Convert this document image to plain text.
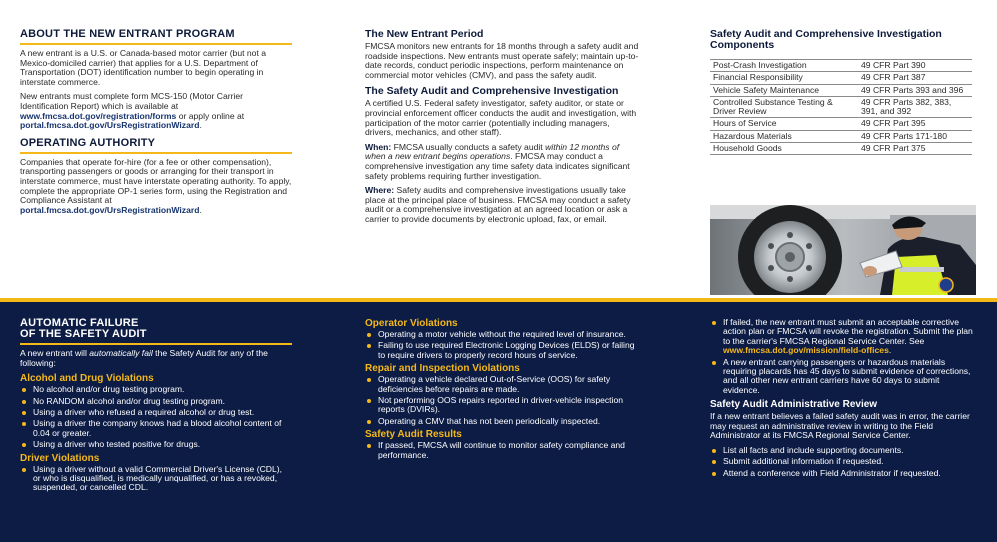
ABOUT THE NEW ENTRANT PROGRAM

A new entrant is a U.S. or Canada-based motor carrier (but not a Mexico-domiciled carrier) that applies for a U.S. Department of Transportation (DOT) identification number to begin operating in interstate commerce.

New entrants must complete form MCS-150 (Motor Carrier Identification Report) which is available at www.fmcsa.dot.gov/registration/forms or apply online at portal.fmcsa.dot.gov/UrsRegistrationWizard.

OPERATING AUTHORITY

Companies that operate for-hire (for a fee or other compensation), transporting passengers or goods or arranging for their transport in interstate commerce, must have interstate operating authority. To apply, complete the appropriate OP-1 series form, using the Registration and Compliance Assistant at portal.fmcsa.dot.gov/UrsRegistrationWizard.

The New Entrant Period

FMCSA monitors new entrants for 18 months through a safety audit and roadside inspections. New entrants must operate safely; maintain up-to-date records, conduct periodic inspections, perform maintenance on commercial motor vehicles (CMV), and pass the safety audit.

The Safety Audit and Comprehensive Investigation

A certified U.S. Federal safety investigator, safety auditor, or state or provincial enforcement officer conducts the audit and investigation, with participation of the motor carrier (potentially including managers, drivers, mechanics, and other staff).

When: FMCSA usually conducts a safety audit within 12 months of when a new entrant begins operations. FMCSA may conduct a comprehensive investigation any time safety data indicates significant safety problems requiring further investigation.

Where: Safety audits and comprehensive investigations usually take place at the principal place of business. FMCSA may conduct a safety audit or a comprehensive investigation at an agreed location or ask a carrier to provide documents by electronic upload, fax, or email.

Safety Audit and Comprehensive Investigation Components
Post-Crash Investigation	49 CFR Part 390
Financial Responsibility	49 CFR Part 387
Vehicle Safety Maintenance	49 CFR Parts 393 and 396
Controlled Substance Testing & Driver Review	49 CFR Parts 382, 383, 391, and 392
Hours of Service	49 CFR Part 395
Hazardous Materials	49 CFR Parts 171-180
Household Goods	49 CFR Part 375
AUTOMATIC FAILURE
OF THE SAFETY AUDIT

A new entrant will automatically fail the Safety Audit for any of the following:

Alcohol and Drug Violations
No alcohol and/or drug testing program.
No RANDOM alcohol and/or drug testing program.
Using a driver who refused a required alcohol or drug test.
Using a driver the company knows had a blood alcohol content of 0.04 or greater.
Using a driver who tested positive for drugs.
Driver Violations
Using a driver without a valid Commercial Driver's License (CDL), or who is disqualified, is medically unqualified, or has a revoked, suspended, or cancelled CDL.
Operator Violations
Operating a motor vehicle without the required level of insurance.
Failing to use required Electronic Logging Devices (ELDS) or failing to require drivers to properly record hours of service.
Repair and Inspection Violations
Operating a vehicle declared Out-of-Service (OOS) for safety deficiencies before repairs are made.
Not performing OOS repairs reported in driver-vehicle inspection reports (DVIRs).
Operating a CMV that has not been periodically inspected.
Safety Audit Results
If passed, FMCSA will continue to monitor safety compliance and performance.
If failed, the new entrant must submit an acceptable corrective action plan or FMCSA will revoke the registration. Submit the plan to the carrier's FMCSA Regional Service Center. See www.fmcsa.dot.gov/mission/field-offices.
A new entrant carrying passengers or hazardous materials requiring placards has 45 days to submit evidence of corrections, and all other new entrant carriers have 60 days to submit evidence.
Safety Audit Administrative Review

If a new entrant believes a failed safety audit was in error, the carrier may request an administrative review in writing to the Field Administrator at its FMCSA Regional Service Center.

List all facts and include supporting documents.
Submit additional information if requested.
Attend a conference with Field Administrator if requested.
